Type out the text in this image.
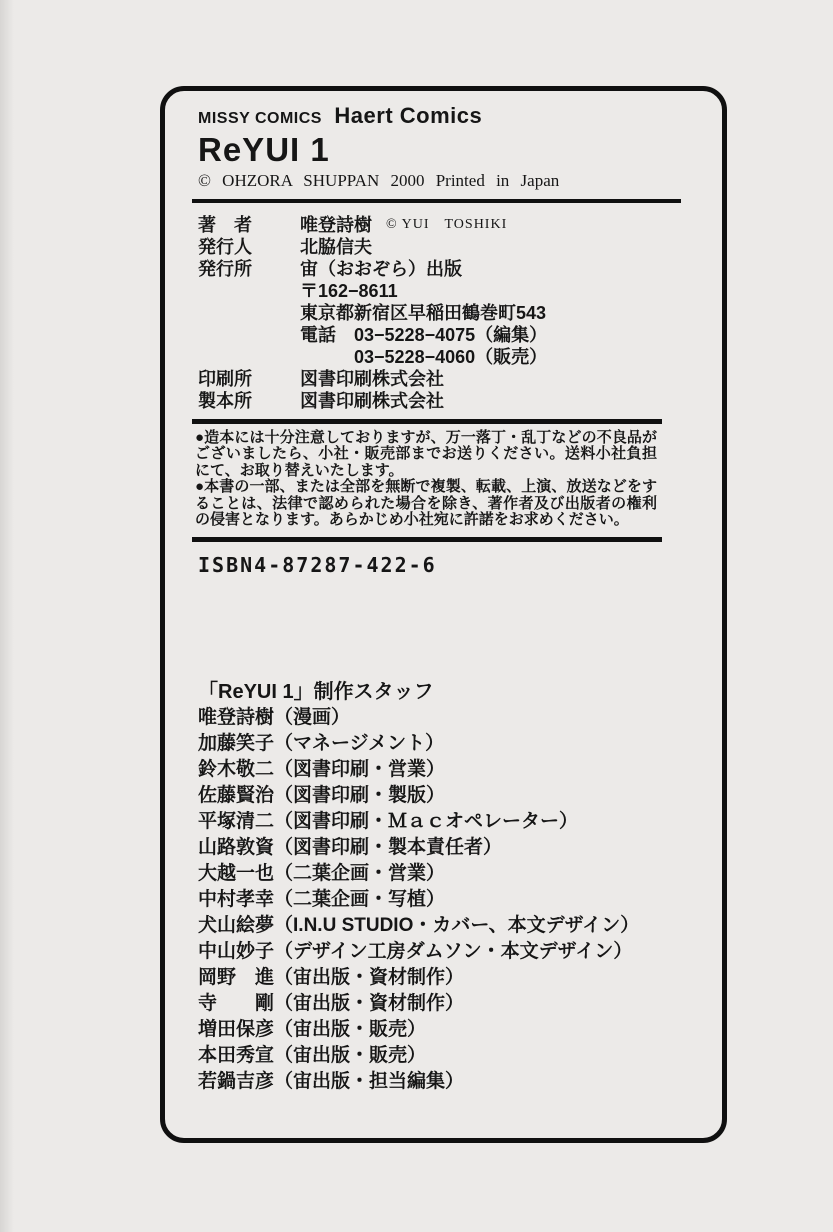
MISSY COMICS Haert Comics
ReYUI 1
© OHZORA SHUPPAN 2000 Printed in Japan
著　者	唯登詩樹 © YUI　TOSHIKI
発行人	北脇信夫
発行所	宙（おおぞら）出版
〒162−8611
東京都新宿区早稲田鶴巻町543
電話　03−5228−4075（編集）
　　　03−5228−4060（販売）
印刷所	図書印刷株式会社
製本所	図書印刷株式会社

●造本には十分注意しておりますが、万一落丁・乱丁などの不良品がございましたら、小社・販売部までお送りください。送料小社負担にて、お取り替えいたします。

●本書の一部、または全部を無断で複製、転載、上演、放送などをすることは、法律で認められた場合を除き、著作者及び出版者の権利の侵害となります。あらかじめ小社宛に許諾をお求めください。

ISBN4-87287-422-6
「ReYUI 1」制作スタッフ
唯登詩樹（漫画）
加藤笑子（マネージメント）
鈴木敬二（図書印刷・営業）
佐藤賢治（図書印刷・製版）
平塚清二（図書印刷・Ｍａｃオペレーター）
山路敦資（図書印刷・製本責任者）
大越一也（二葉企画・営業）
中村孝幸（二葉企画・写植）
犬山絵夢（I.N.U STUDIO・カバー、本文デザイン）
中山妙子（デザイン工房ダムソン・本文デザイン）
岡野　進（宙出版・資材制作）
寺　　剛（宙出版・資材制作）
増田保彦（宙出版・販売）
本田秀宣（宙出版・販売）
若鍋吉彦（宙出版・担当編集）
